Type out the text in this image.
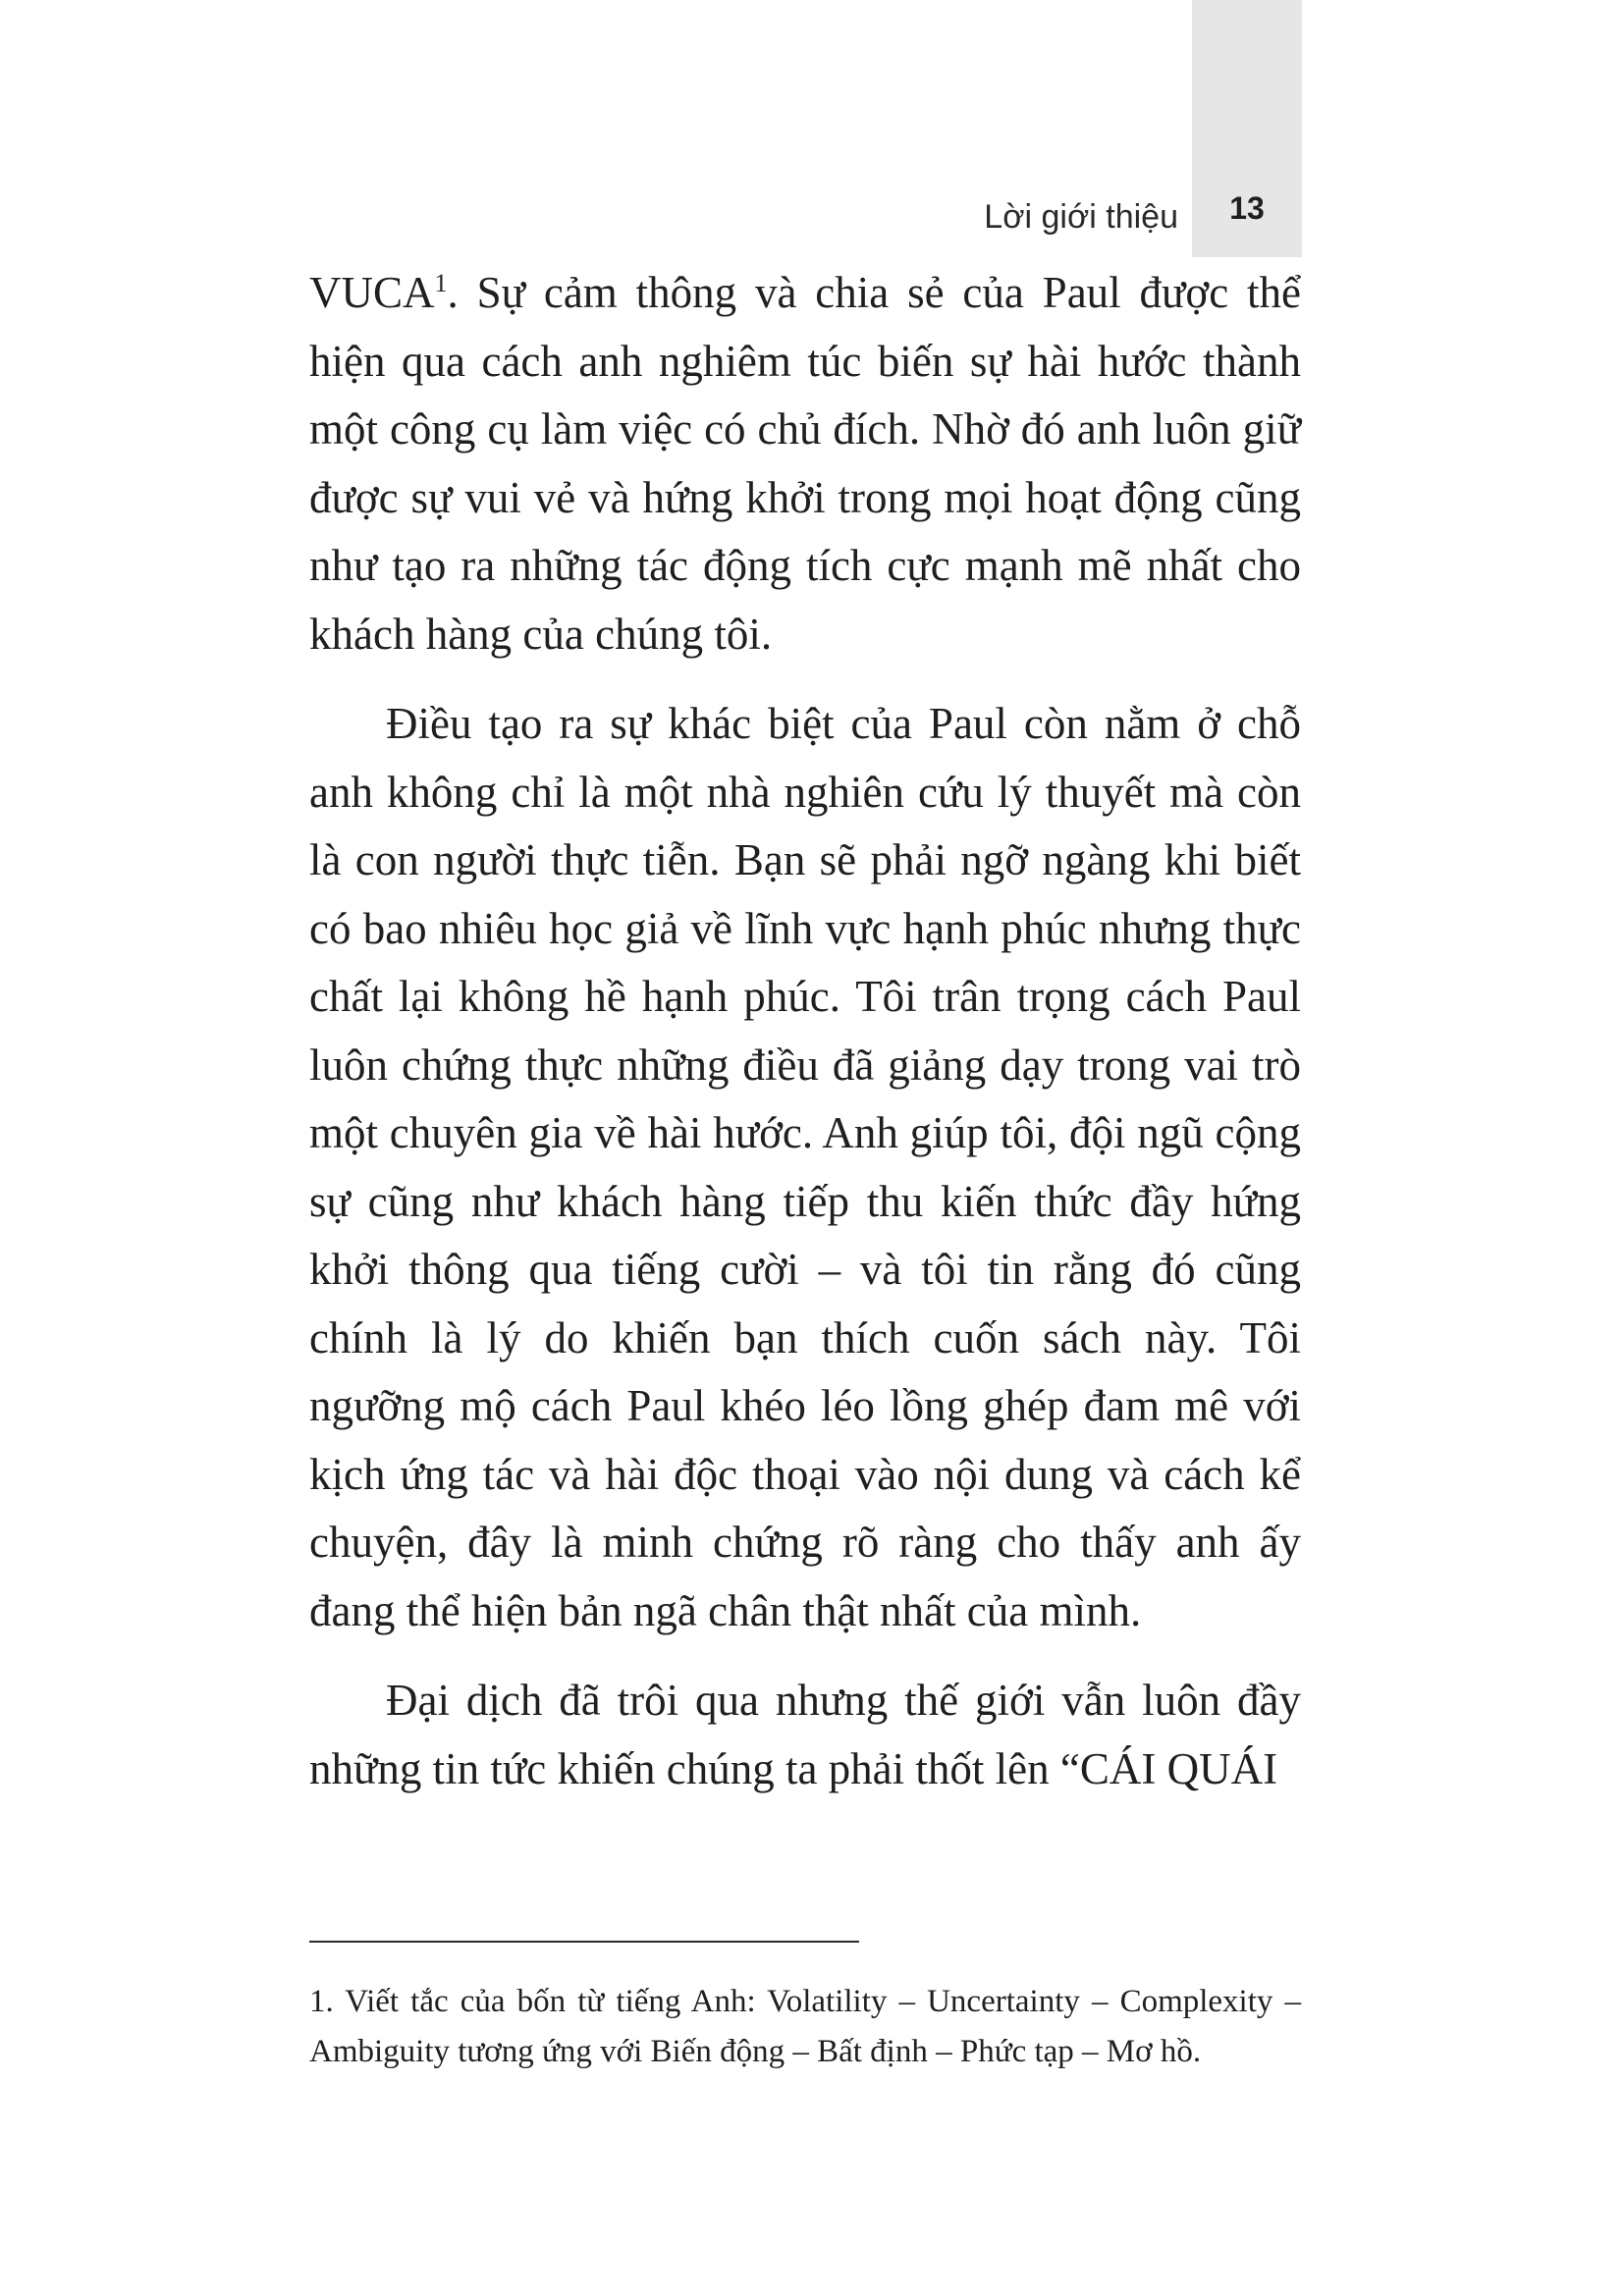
13
Lời giới thiệu

VUCA$^1$. Sự cảm thông và chia sẻ của Paul được thể hiện qua cách anh nghiêm túc biến sự hài hước thành một công cụ làm việc có chủ đích. Nhờ đó anh luôn giữ được sự vui vẻ và hứng khởi trong mọi hoạt động cũng như tạo ra những tác động tích cực mạnh mẽ nhất cho khách hàng của chúng tôi.

Điều tạo ra sự khác biệt của Paul còn nằm ở chỗ anh không chỉ là một nhà nghiên cứu lý thuyết mà còn là con người thực tiễn. Bạn sẽ phải ngỡ ngàng khi biết có bao nhiêu học giả về lĩnh vực hạnh phúc nhưng thực chất lại không hề hạnh phúc. Tôi trân trọng cách Paul luôn chứng thực những điều đã giảng dạy trong vai trò một chuyên gia về hài hước. Anh giúp tôi, đội ngũ cộng sự cũng như khách hàng tiếp thu kiến thức đầy hứng khởi thông qua tiếng cười – và tôi tin rằng đó cũng chính là lý do khiến bạn thích cuốn sách này. Tôi ngưỡng mộ cách Paul khéo léo lồng ghép đam mê với kịch ứng tác và hài độc thoại vào nội dung và cách kể chuyện, đây là minh chứng rõ ràng cho thấy anh ấy đang thể hiện bản ngã chân thật nhất của mình.

Đại dịch đã trôi qua nhưng thế giới vẫn luôn đầy những tin tức khiến chúng ta phải thốt lên “CÁI QUÁI

1. Viết tắc của bốn từ tiếng Anh: Volatility – Uncertainty – Complexity – Ambiguity tương ứng với Biến động – Bất định – Phức tạp – Mơ hồ.
